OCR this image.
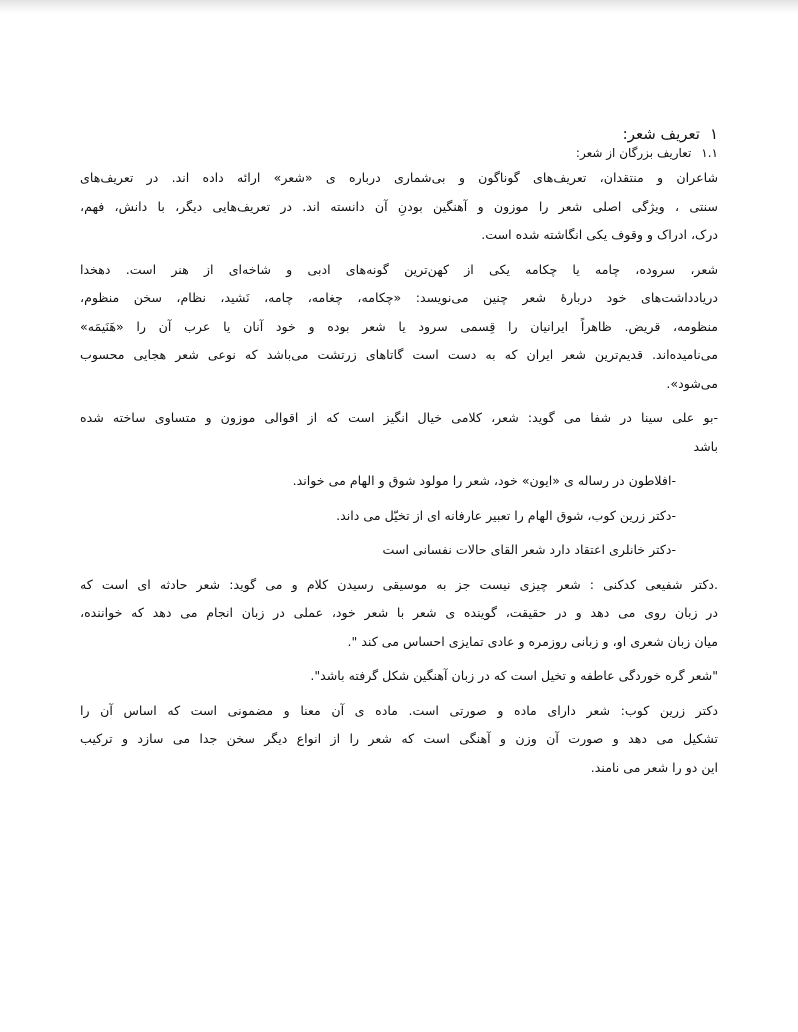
۱تعریف شعر:
۱.۱تعاریف بزرگان از شعر:
شاعران و منتقدان، تعریف‌های گوناگون و بی‌شماری درباره ی «شعر» ارائه داده اند. در تعریف‌های
سنتی ، ویژگی اصلی شعر را موزون و آهنگین بودنِ آن دانسته اند. در تعریف‌هایی دیگر، با دانش، فهم،
درک، ادراک و وقوف یکی انگاشته شده است.
شعر، سروده، چامه یا چکامه یکی از کهن‌ترین گونه‌های ادبی و شاخه‌ای از هنر است. دهخدا
دریادداشت‌های خود دربارهٔ شعر چنین می‌نویسد: «چکامه، چغامه، چامه، نَشید، نظام، سخن منظوم،
منظومه، قریض. ظاهراً ایرانیان را قِسمی سرود یا شعر بوده و خود آنان یا عرب آن را «هَنَیمَه»
می‌نامیده‌اند. قدیم‌ترین شعر ایران که به دست است گاتاهای زرتشت می‌باشد که نوعی شعر هجایی محسوب
می‌شود».
-بو علی سینا در شفا می گوید: شعر، کلامی خیال انگیز است که از اقوالی موزون و متساوی ساخته شده
باشد
-افلاطون در رساله ی «ایون» خود، شعر را مولود شوق و الهام می خواند.
-دکتر زرین کوب، شوق الهام را تعبیر عارفانه ای از تخیّل می داند.
-دکتر خانلری اعتقاد دارد شعر القای حالات نفسانی است
.دکتر شفیعی کدکنی : شعر چیزی نیست جز به موسیقی رسیدن کلام و می گوید: شعر حادثه ای است که
در زبان روی می دهد و در حقیقت، گوینده ی شعر با شعر خود، عملی در زبان انجام می دهد که خواننده،
میان زبان شعری او، و زبانی روزمره و عادی تمایزی احساس می کند ".
"شعر گره خوردگی عاطفه و تخیل است که در زبان آهنگین شکل گرفته باشد".
دکتر زرین کوب: شعر دارای ماده و صورتی است. ماده ی آن معنا و مضمونی است که اساس آن را
تشکیل می دهد و صورت آن وزن و آهنگی است که شعر را از انواع دیگر سخن جدا می سازد و ترکیب
این دو را شعر می نامند.
